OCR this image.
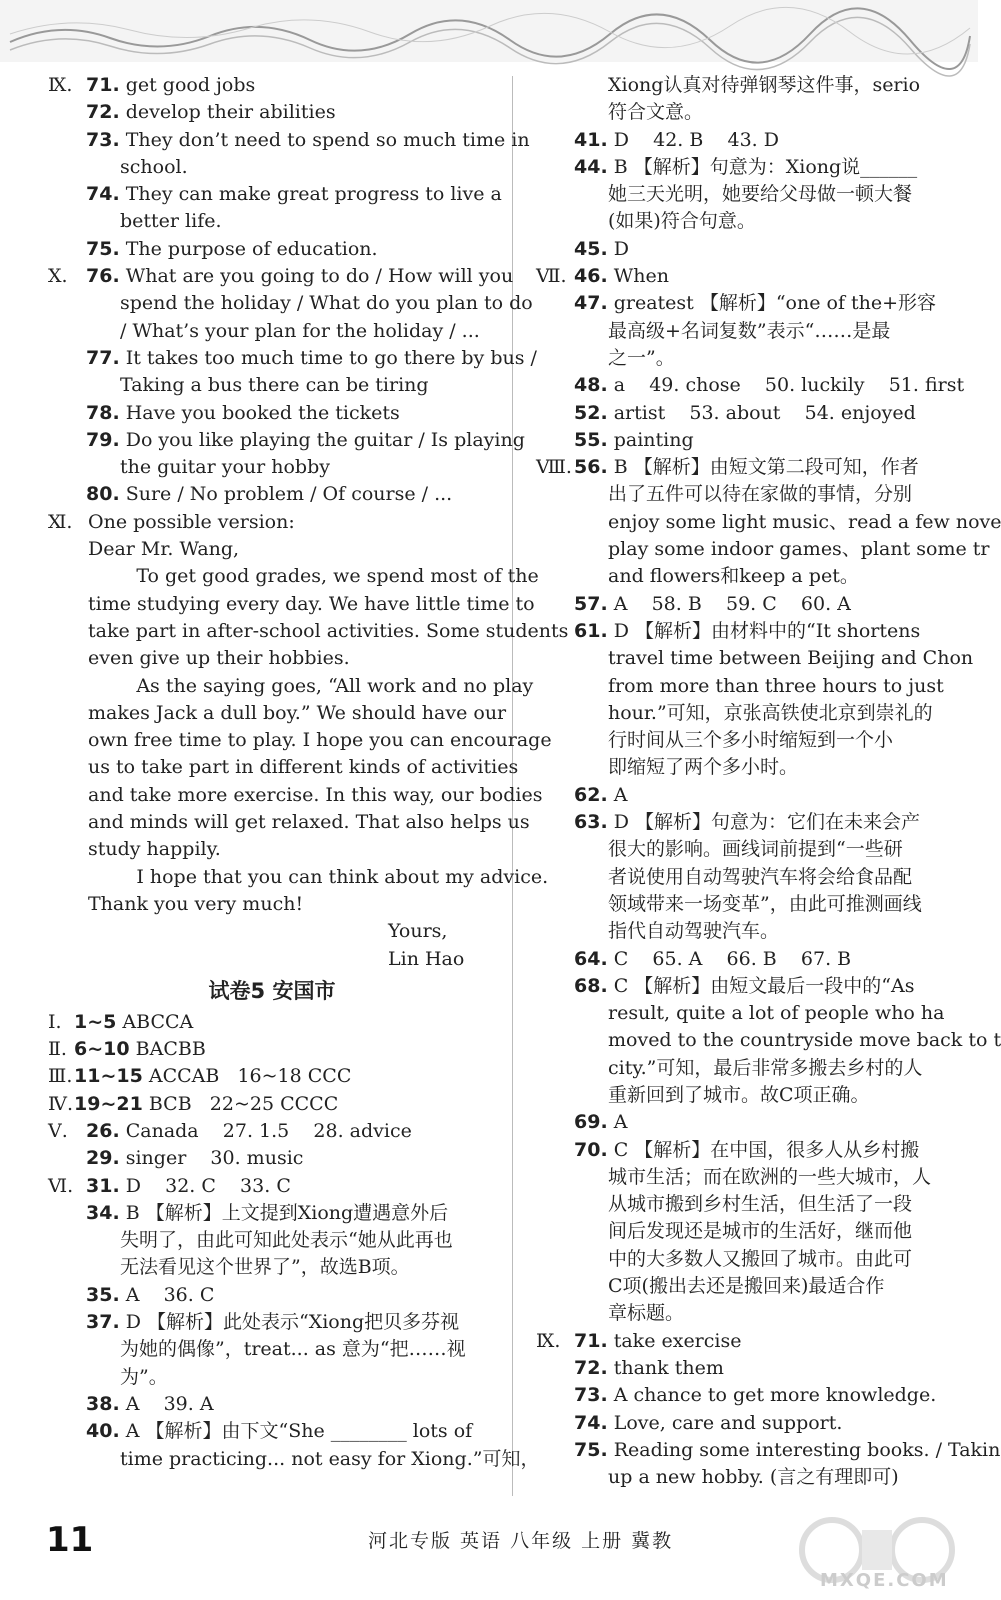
Ⅸ. 71. get good jobs
72. develop their abilities
73. They don’t need to spend so much time in
school.
74. They can make great progress to live a
better life.
75. The purpose of education.
Ⅹ. 76. What are you going to do / How will you
spend the holiday / What do you plan to do
/ What’s your plan for the holiday / ...
77. It takes too much time to go there by bus /
Taking a bus there can be tiring
78. Have you booked the tickets
79. Do you like playing the guitar / Is playing
the guitar your hobby
80. Sure / No problem / Of course / ...
Ⅺ. One possible version:
Dear Mr. Wang,
To get good grades, we spend most of the
time studying every day. We have little time to
take part in after-school activities. Some students
even give up their hobbies.
As the saying goes, “All work and no play
makes Jack a dull boy.” We should have our
own free time to play. I hope you can encourage
us to take part in different kinds of activities
and take more exercise. In this way, our bodies
and minds will get relaxed. That also helps us
study happily.
I hope that you can think about my advice.
Thank you very much!
Yours,
Lin Hao
试卷5 安国市
Ⅰ. 1~5 ABCCA
Ⅱ. 6~10 BACBB
Ⅲ. 11~15 ACCAB   16~18 CCC
Ⅳ. 19~21 BCB   22~25 CCCC
Ⅴ. 26. Canada    27. 1.5    28. advice
29. singer    30. music
Ⅵ. 31. D    32. C    33. C
34. B 【解析】上文提到Xiong遭遇意外后
失明了，由此可知此处表示“她从此再也
无法看见这个世界了”，故选B项。
35. A    36. C
37. D 【解析】此处表示“Xiong把贝多芬视
为她的偶像”，treat... as 意为“把……视
为”。
38. A    39. A
40. A 【解析】由下文“She ________ lots of
time practicing... not easy for Xiong.”可知，
Xiong认真对待弹钢琴这件事，serio
符合文意。
41. D    42. B    43. D
44. B 【解析】句意为：Xiong说______
她三天光明，她要给父母做一顿大餐
(如果)符合句意。
45. D
Ⅶ. 46. When
47. greatest 【解析】“one of the+形容
最高级+名词复数”表示“……是最
之一”。
48. a    49. chose    50. luckily    51. first
52. artist    53. about    54. enjoyed
55. painting
Ⅷ. 56. B 【解析】由短文第二段可知，作者
出了五件可以待在家做的事情，分别
enjoy some light music、read a few nove
play some indoor games、plant some tr
and flowers和keep a pet。
57. A    58. B    59. C    60. A
61. D 【解析】由材料中的“It shortens
travel time between Beijing and Chon
from more than three hours to just
hour.”可知，京张高铁使北京到崇礼的
行时间从三个多小时缩短到一个小
即缩短了两个多小时。
62. A
63. D 【解析】句意为：它们在未来会产
很大的影响。画线词前提到“一些研
者说使用自动驾驶汽车将会给食品配
领域带来一场变革”，由此可推测画线
指代自动驾驶汽车。
64. C    65. A    66. B    67. B
68. C 【解析】由短文最后一段中的“As
result, quite a lot of people who ha
moved to the countryside move back to t
city.”可知，最后非常多搬去乡村的人
重新回到了城市。故C项正确。
69. A
70. C 【解析】在中国，很多人从乡村搬
城市生活；而在欧洲的一些大城市，人
从城市搬到乡村生活，但生活了一段
间后发现还是城市的生活好，继而他
中的大多数人又搬回了城市。由此可
C项(搬出去还是搬回来)最适合作
章标题。
Ⅸ. 71. take exercise
72. thank them
73. A chance to get more knowledge.
74. Love, care and support.
75. Reading some interesting books. / Takin
up a new hobby. (言之有理即可)
11	河北专版 英语 八年级 上册 冀教
MXQE.COM
